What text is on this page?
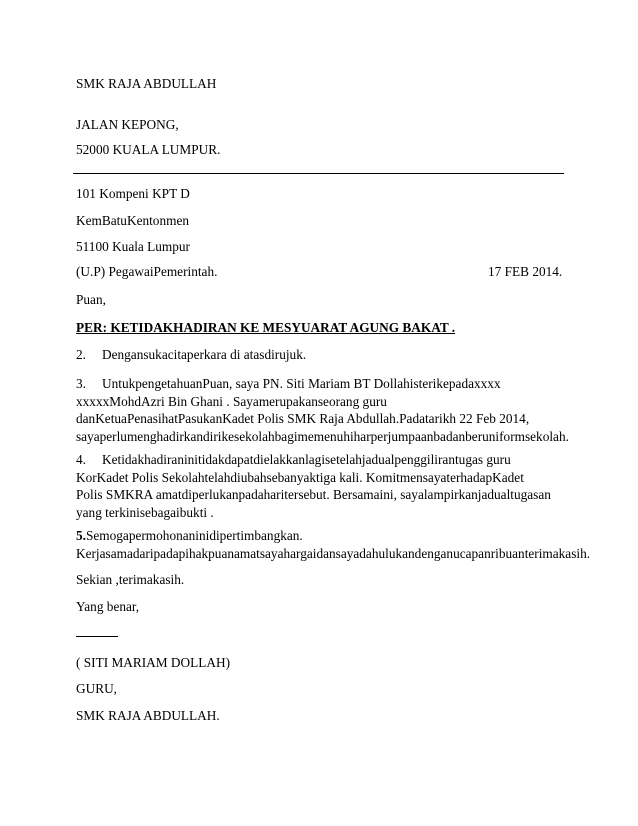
SMK RAJA ABDULLAH
JALAN KEPONG,
52000 KUALA LUMPUR.
101 Kompeni KPT D
KemBatuKentonmen
51100 Kuala Lumpur
(U.P) PegawaiPemerintah.	17 FEB 2014.
Puan,
PER: KETIDAKHADIRAN KE MESYUARAT AGUNG BAKAT .
2. Dengansukacitaperkara di atasdirujuk.
3. UntukpengetahuanPuan, saya PN. Siti Mariam BT Dollahisterikepadaxxxx xxxxxMohdAzri Bin Ghani . Sayamerupakanseorang guru danKetuaPenasihatPasukanKadet Polis SMK Raja Abdullah.Padatarikh 22 Feb 2014, sayaperlumenghadirkandirikesekolahbagimemenuhiharperjumpaanbadanberuniformsekolah.
4. Ketidakhadiraninitidakdapatdielakkanlagisetelahjadualpenggilirantugas guru KorKadet Polis Sekolahtelahdiubahsebanyaktiga kali. KomitmensayaterhadapKadet Polis SMKRA amatdiperlukanpadaharitersebut. Bersamaini, sayalampirkanjadualtugasan yang terkinisebagaibukti .
5.Semogapermohonaninidipertimbangkan. Kerjasamadaripadapihakpuanamatsayahargaidansayadahulukandenganucapanribuanterimakasih.
Sekian ,terimakasih.
Yang benar,
( SITI MARIAM DOLLAH)
GURU,
SMK RAJA ABDULLAH.
